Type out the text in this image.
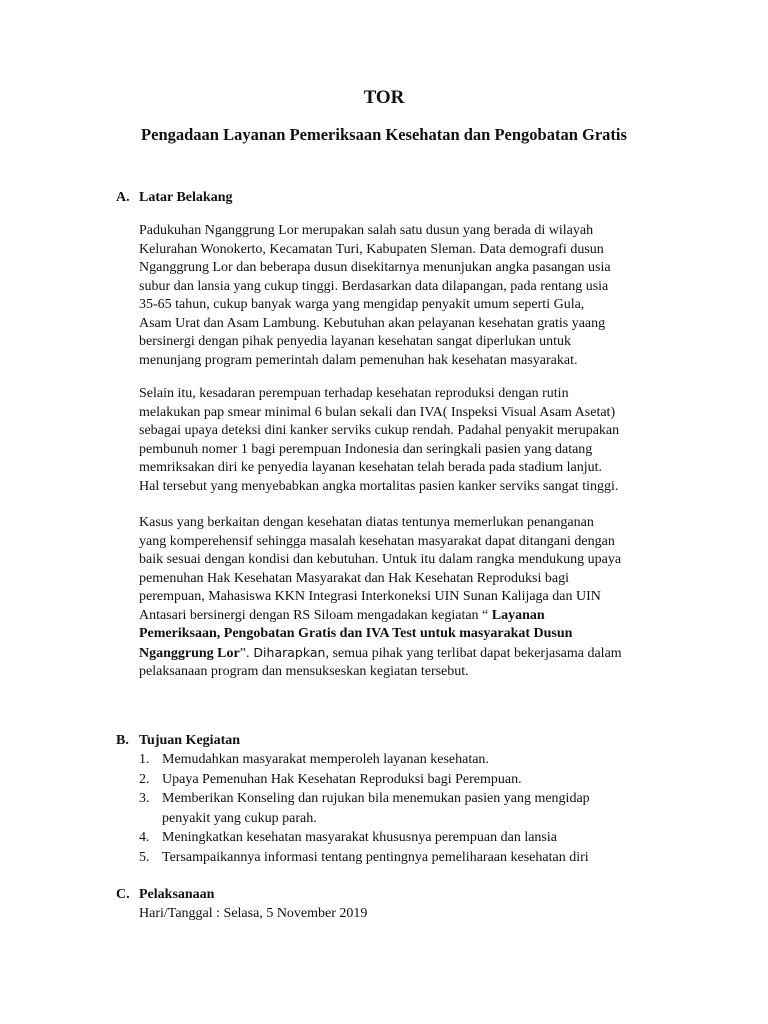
TOR
Pengadaan Layanan Pemeriksaan Kesehatan dan Pengobatan Gratis
A. Latar Belakang

Padukuhan Nganggrung Lor merupakan salah satu dusun yang berada di wilayah
Kelurahan Wonokerto, Kecamatan Turi, Kabupaten Sleman. Data demografi dusun
Nganggrung Lor dan beberapa dusun disekitarnya menunjukan angka pasangan usia
subur dan lansia yang cukup tinggi. Berdasarkan data dilapangan, pada rentang usia
35-65 tahun, cukup banyak warga yang mengidap penyakit umum seperti Gula,
Asam Urat dan Asam Lambung. Kebutuhan akan pelayanan kesehatan gratis yaang
bersinergi dengan pihak penyedia layanan kesehatan sangat diperlukan untuk
menunjang program pemerintah dalam pemenuhan hak kesehatan masyarakat.

Selain itu, kesadaran perempuan terhadap kesehatan reproduksi dengan rutin
melakukan pap smear minimal 6 bulan sekali dan IVA( Inspeksi Visual Asam Asetat)
sebagai upaya deteksi dini kanker serviks cukup rendah. Padahal penyakit merupakan
pembunuh nomer 1 bagi perempuan Indonesia dan seringkali pasien yang datang
memriksakan diri ke penyedia layanan kesehatan telah berada pada stadium lanjut.
Hal tersebut yang menyebabkan angka mortalitas pasien kanker serviks sangat tinggi.

Kasus yang berkaitan dengan kesehatan diatas tentunya memerlukan penanganan
yang komperehensif sehingga masalah kesehatan masyarakat dapat ditangani dengan
baik sesuai dengan kondisi dan kebutuhan. Untuk itu dalam rangka mendukung upaya
pemenuhan Hak Kesehatan Masyarakat dan Hak Kesehatan Reproduksi bagi
perempuan, Mahasiswa KKN Integrasi Interkoneksi UIN Sunan Kalijaga dan UIN
Antasari bersinergi dengan RS Siloam mengadakan kegiatan “ Layanan
Pemeriksaan, Pengobatan Gratis dan IVA Test untuk masyarakat Dusun
Nganggrung Lor”. Diharapkan, semua pihak yang terlibat dapat bekerjasama dalam
pelaksanaan program dan mensukseskan kegiatan tersebut.

B. Tujuan Kegiatan
1. Memudahkan masyarakat memperoleh layanan kesehatan.
2. Upaya Pemenuhan Hak Kesehatan Reproduksi bagi Perempuan.
3. Memberikan Konseling dan rujukan bila menemukan pasien yang mengidap
penyakit yang cukup parah.
4. Meningkatkan kesehatan masyarakat khususnya perempuan dan lansia
5. Tersampaikannya informasi tentang pentingnya pemeliharaan kesehatan diri
C. Pelaksanaan

Hari/Tanggal : Selasa, 5 November 2019
